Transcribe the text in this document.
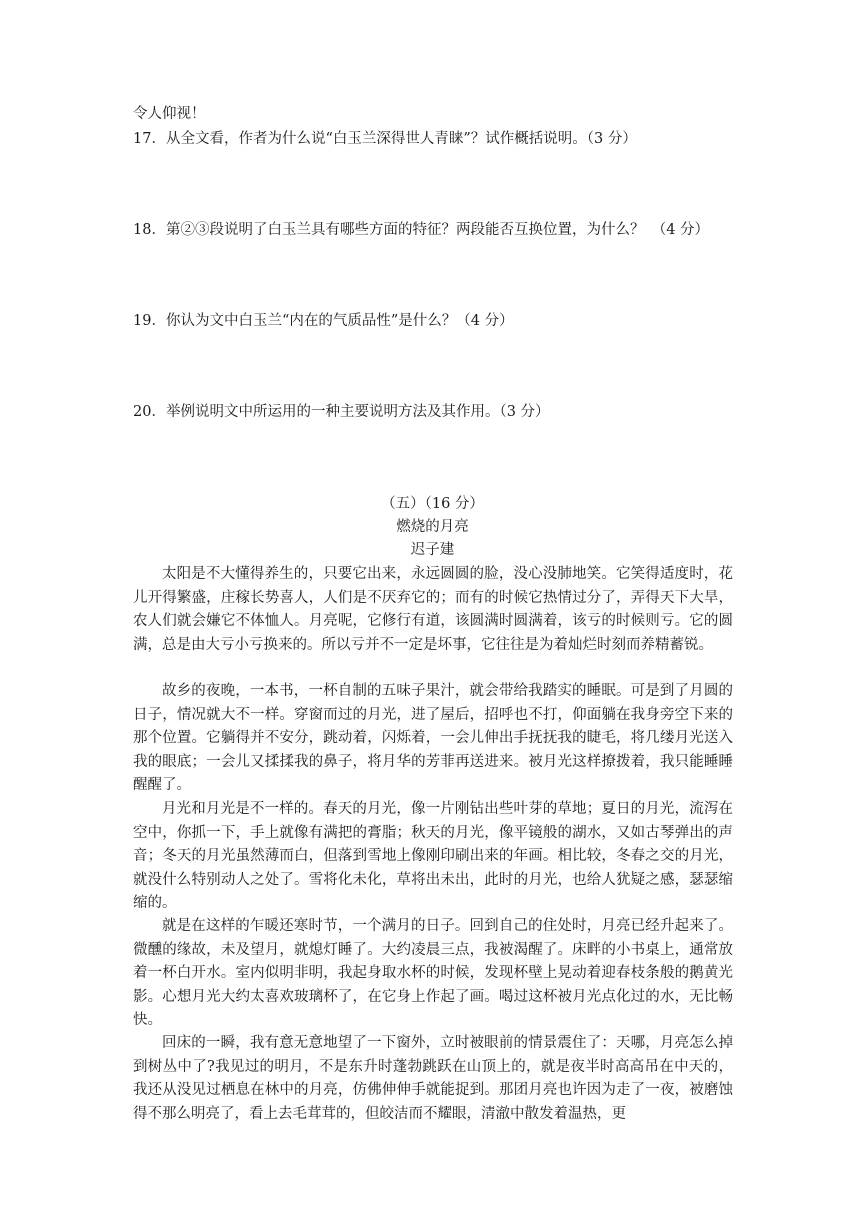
令人仰视！
17．从全文看，作者为什么说“白玉兰深得世人青睐”？试作概括说明。（3 分）
18．第②③段说明了白玉兰具有哪些方面的特征？两段能否互换位置，为什么？　（4 分）
19．你认为文中白玉兰“内在的气质品性”是什么？（4 分）
20．举例说明文中所运用的一种主要说明方法及其作用。（3 分）
（五）（16 分）
燃烧的月亮
迟子建
太阳是不大懂得养生的，只要它出来，永远圆圆的脸，没心没肺地笑。它笑得适度时，花儿开得繁盛，庄稼长势喜人，人们是不厌弃它的；而有的时候它热情过分了，弄得天下大旱，农人们就会嫌它不体恤人。月亮呢，它修行有道，该圆满时圆满着，该亏的时候则亏。它的圆满，总是由大亏小亏换来的。所以亏并不一定是坏事，它往往是为着灿烂时刻而养精蓄锐。
故乡的夜晚，一本书，一杯自制的五味子果汁，就会带给我踏实的睡眠。可是到了月圆的日子，情况就大不一样。穿窗而过的月光，进了屋后，招呼也不打，仰面躺在我身旁空下来的那个位置。它躺得并不安分，跳动着，闪烁着，一会儿伸出手抚抚我的睫毛，将几缕月光送入我的眼底；一会儿又揉揉我的鼻子，将月华的芳菲再送进来。被月光这样撩拨着，我只能睡睡醒醒了。
月光和月光是不一样的。春天的月光，像一片刚钻出些叶芽的草地；夏日的月光，流泻在空中，你抓一下，手上就像有满把的膏脂；秋天的月光，像平镜般的湖水，又如古琴弹出的声音；冬天的月光虽然薄而白，但落到雪地上像刚印刷出来的年画。相比较，冬春之交的月光，就没什么特别动人之处了。雪将化未化，草将出未出，此时的月光，也给人犹疑之感，瑟瑟缩缩的。
就是在这样的乍暖还寒时节，一个满月的日子。回到自己的住处时，月亮已经升起来了。微醺的缘故，未及望月，就熄灯睡了。大约凌晨三点，我被渴醒了。床畔的小书桌上，通常放着一杯白开水。室内似明非明，我起身取水杯的时候，发现杯壁上晃动着迎春枝条般的鹅黄光影。心想月光大约太喜欢玻璃杯了，在它身上作起了画。喝过这杯被月光点化过的水，无比畅快。
回床的一瞬，我有意无意地望了一下窗外，立时被眼前的情景震住了：天哪，月亮怎么掉到树丛中了?我见过的明月，不是东升时蓬勃跳跃在山顶上的，就是夜半时高高吊在中天的，我还从没见过栖息在林中的月亮，仿佛伸伸手就能捉到。那团月亮也许因为走了一夜，被磨蚀得不那么明亮了，看上去毛茸茸的，但皎洁而不耀眼，清澈中散发着温热，更
